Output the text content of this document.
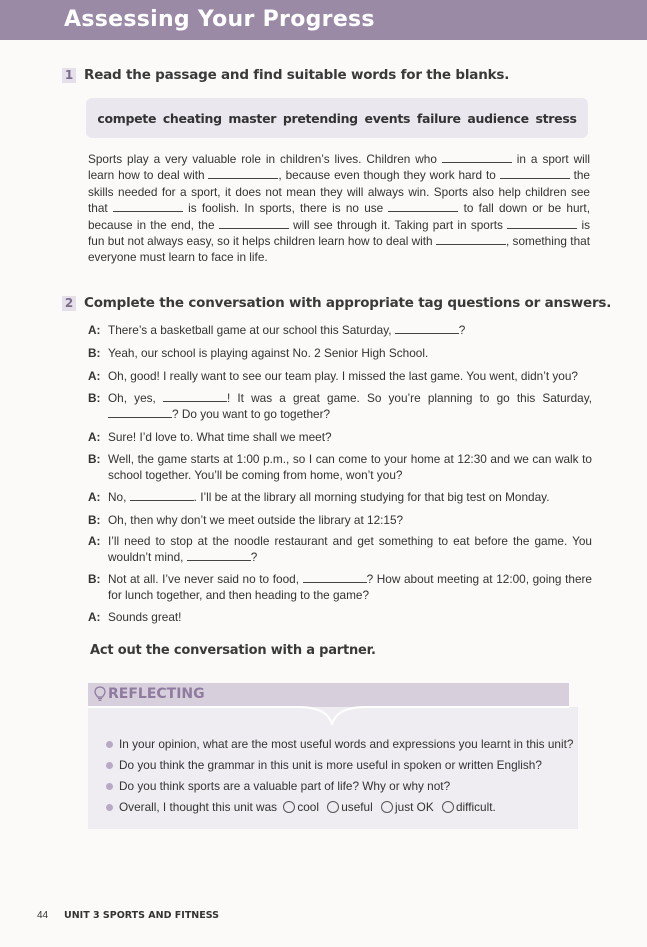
Assessing Your Progress
1 Read the passage and find suitable words for the blanks.
compete cheating master pretending events failure audience stress
Sports play a very valuable role in children’s lives. Children who	in a sport will learn how to deal with	, because even though they work hard to	the skills needed for a sport, it does not mean they will always win. Sports also help children see that	is foolish. In sports, there is no use	to fall down or be hurt, because in the end, the	will see through it. Taking part in sports	is fun but not always easy, so it helps children learn how to deal with	, something that everyone must learn to face in life.
2 Complete the conversation with appropriate tag questions or answers.
A: There’s a basketball game at our school this Saturday,	?
B: Yeah, our school is playing against No. 2 Senior High School.
A: Oh, good! I really want to see our team play. I missed the last game. You went, didn’t you?
B: Oh, yes,	! It was a great game. So you’re planning to go this Saturday, ? Do you want to go together?
A: Sure! I’d love to. What time shall we meet?
B: Well, the game starts at 1:00 p.m., so I can come to your home at 12:30 and we can walk to school together. You’ll be coming from home, won’t you?
A: No,	. I’ll be at the library all morning studying for that big test on Monday.
B: Oh, then why don’t we meet outside the library at 12:15?
A: I’ll need to stop at the noodle restaurant and get something to eat before the game. You wouldn’t mind,	?
B: Not at all. I’ve never said no to food,	? How about meeting at 12:00, going there for lunch together, and then heading to the game?
A: Sounds great!
Act out the conversation with a partner.
REFLECTING
In your opinion, what are the most useful words and expressions you learnt in this unit?
Do you think the grammar in this unit is more useful in spoken or written English?
Do you think sports are a valuable part of life? Why or why not?
Overall, I thought this unit was cool useful just OK difficult.
44 UNIT 3 SPORTS AND FITNESS
